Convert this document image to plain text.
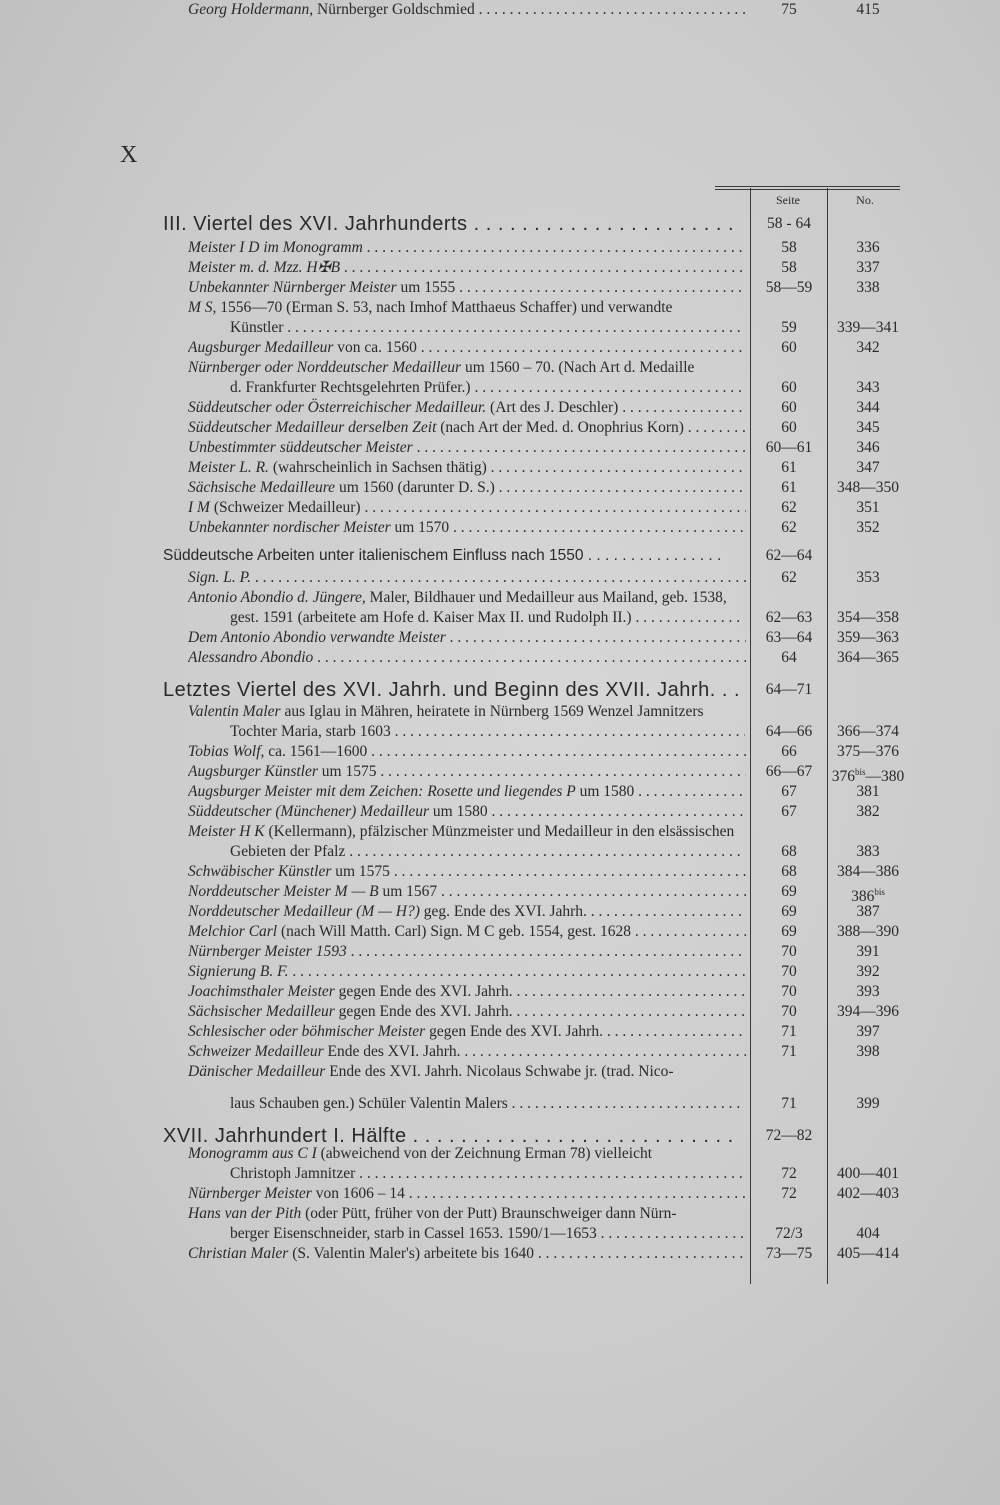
X
Seite	No.
III. Viertel des XVI. Jahrhunderts . . .	58 - 64
Meister I D im Monogramm . . .	58	336
Meister m. d. Mzz. H✠B . . .	58	337
Unbekannter Nürnberger Meister um 1555 . . .	58—59	338
M S, 1556—70 (Erman S. 53, nach Imhof Matthaeus Schaffer) und verwandte
Künstler . . .	59	339—341
Augsburger Medailleur von ca. 1560 . . .	60	342
Nürnberger oder Norddeutscher Medailleur um 1560 – 70. (Nach Art d. Medaille
d. Frankfurter Rechtsgelehrten Prüfer.) . . .	60	343
Süddeutscher oder Österreichischer Medailleur. (Art des J. Deschler) . . .	60	344
Süddeutscher Medailleur derselben Zeit (nach Art der Med. d. Onophrius Korn) . . .	60	345
Unbestimmter süddeutscher Meister . . .	60—61	346
Meister L. R. (wahrscheinlich in Sachsen thätig) . . .	61	347
Sächsische Medailleure um 1560 (darunter D. S.) . . .	61	348—350
I M (Schweizer Medailleur) . . .	62	351
Unbekannter nordischer Meister um 1570 . . .	62	352
Süddeutsche Arbeiten unter italienischem Einfluss nach 1550 . . .	62—64
Sign. L. P. . . .	62	353
Antonio Abondio d. Jüngere, Maler, Bildhauer und Medailleur aus Mailand, geb. 1538,
gest. 1591 (arbeitete am Hofe d. Kaiser Max II. und Rudolph II.) . . .	62—63	354—358
Dem Antonio Abondio verwandte Meister . . .	63—64	359—363
Alessandro Abondio . . .	64	364—365
Letztes Viertel des XVI. Jahrh. und Beginn des XVII. Jahrh. . . .	64—71
Valentin Maler aus Iglau in Mähren, heiratete in Nürnberg 1569 Wenzel Jamnitzers
Tochter Maria, starb 1603 . . .	64—66	366—374
Tobias Wolf, ca. 1561—1600 . . .	66	375—376
Augsburger Künstler um 1575 . . .	66—67	$376^{bis}—380$
Augsburger Meister mit dem Zeichen: Rosette und liegendes P um 1580 . . .	67	381
Süddeutscher (Münchener) Medailleur um 1580 . . .	67	382
Meister H K (Kellermann), pfälzischer Münzmeister und Medailleur in den elsässischen
Gebieten der Pfalz . . .	68	383
Schwäbischer Künstler um 1575 . . .	68	384—386
Norddeutscher Meister M — B um 1567 . . .	69	$386^{bis}$
Norddeutscher Medailleur (M — H?) geg. Ende des XVI. Jahrh. . . .	69	387
Melchior Carl (nach Will Matth. Carl) Sign. M C geb. 1554, gest. 1628 . . .	69	388—390
Nürnberger Meister 1593 . . .	70	391
Signierung B. F. . . .	70	392
Joachimsthaler Meister gegen Ende des XVI. Jahrh. . . .	70	393
Sächsischer Medailleur gegen Ende des XVI. Jahrh. . . .	70	394—396
Schlesischer oder böhmischer Meister gegen Ende des XVI. Jahrh. . . .	71	397
Schweizer Medailleur Ende des XVI. Jahrh. . . .	71	398
Dänischer Medailleur Ende des XVI. Jahrh. Nicolaus Schwabe jr. (trad. Nico-
laus Schauben gen.) Schüler Valentin Malers . . .	71	399
XVII. Jahrhundert I. Hälfte . . .	72—82
Monogramm aus C I (abweichend von der Zeichnung Erman 78) vielleicht
Christoph Jamnitzer . . .	72	400—401
Nürnberger Meister von 1606 – 14 . . .	72	402—403
Hans van der Pith (oder Pütt, früher von der Putt) Braunschweiger dann Nürn-
berger Eisenschneider, starb in Cassel 1653. 1590/1—1653 . . .	72/3	404
Christian Maler (S. Valentin Maler's) arbeitete bis 1640 . . .	73—75	405—414
Georg Holdermann, Nürnberger Goldschmied . . .	75	415
